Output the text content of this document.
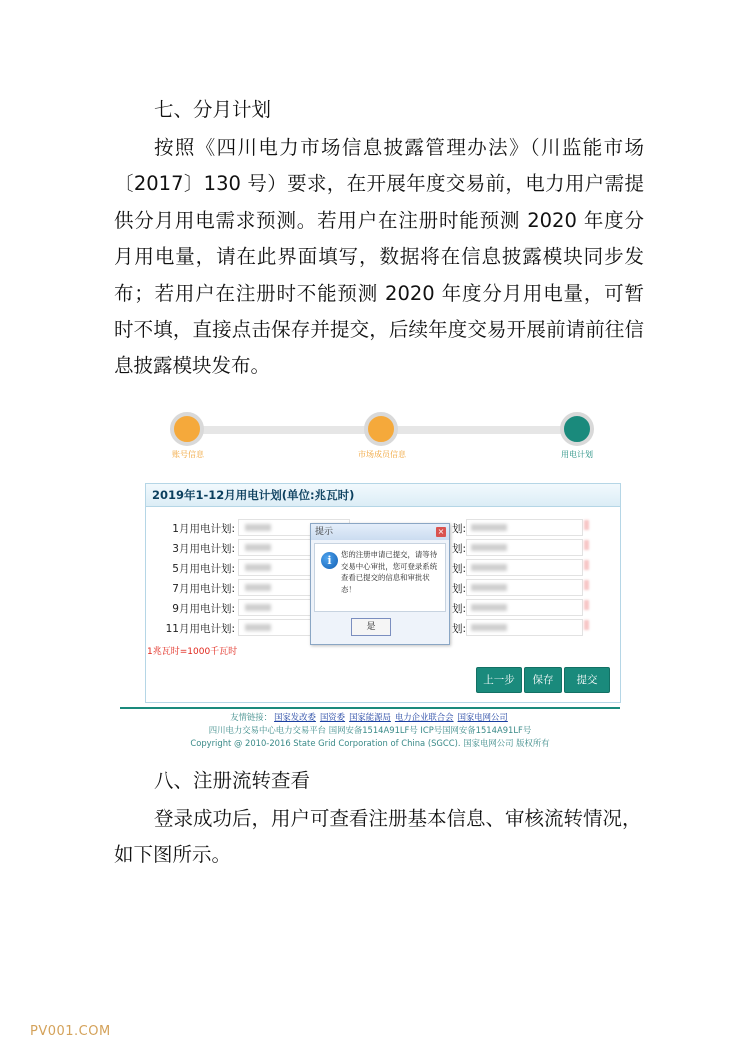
七、分月计划
按照《四川电力市场信息披露管理办法》（川监能市场〔2017〕130 号）要求，在开展年度交易前，电力用户需提供分月用电需求预测。若用户在注册时能预测 2020 年度分月用电量，请在此界面填写，数据将在信息披露模块同步发布；若用户在注册时不能预测 2020 年度分月用电量，可暂时不填，直接点击保存并提交，后续年度交易开展前请前往信息披露模块发布。
账号信息	市场成员信息	用电计划
2019年1-12月用电计划(单位:兆瓦时)
1月用电计划:	划:
3月用电计划:	划:
5月用电计划:	划:
7月用电计划:	划:
9月用电计划:	划:
11月用电计划:	划:
1兆瓦时=1000千瓦时
上一步	保存	提交
提示	×
i	您的注册申请已提交，请等待交易中心审批，您可登录系统查看已提交的信息和审批状态！
是
友情链接： 国家发改委 国资委 国家能源局 电力企业联合会 国家电网公司
四川电力交易中心电力交易平台 国网安备1514A91LF号 ICP号国网安备1514A91LF号
Copyright @ 2010-2016 State Grid Corporation of China (SGCC). 国家电网公司 版权所有
八、注册流转查看
登录成功后，用户可查看注册基本信息、审核流转情况，如下图所示。
PV001.COM
